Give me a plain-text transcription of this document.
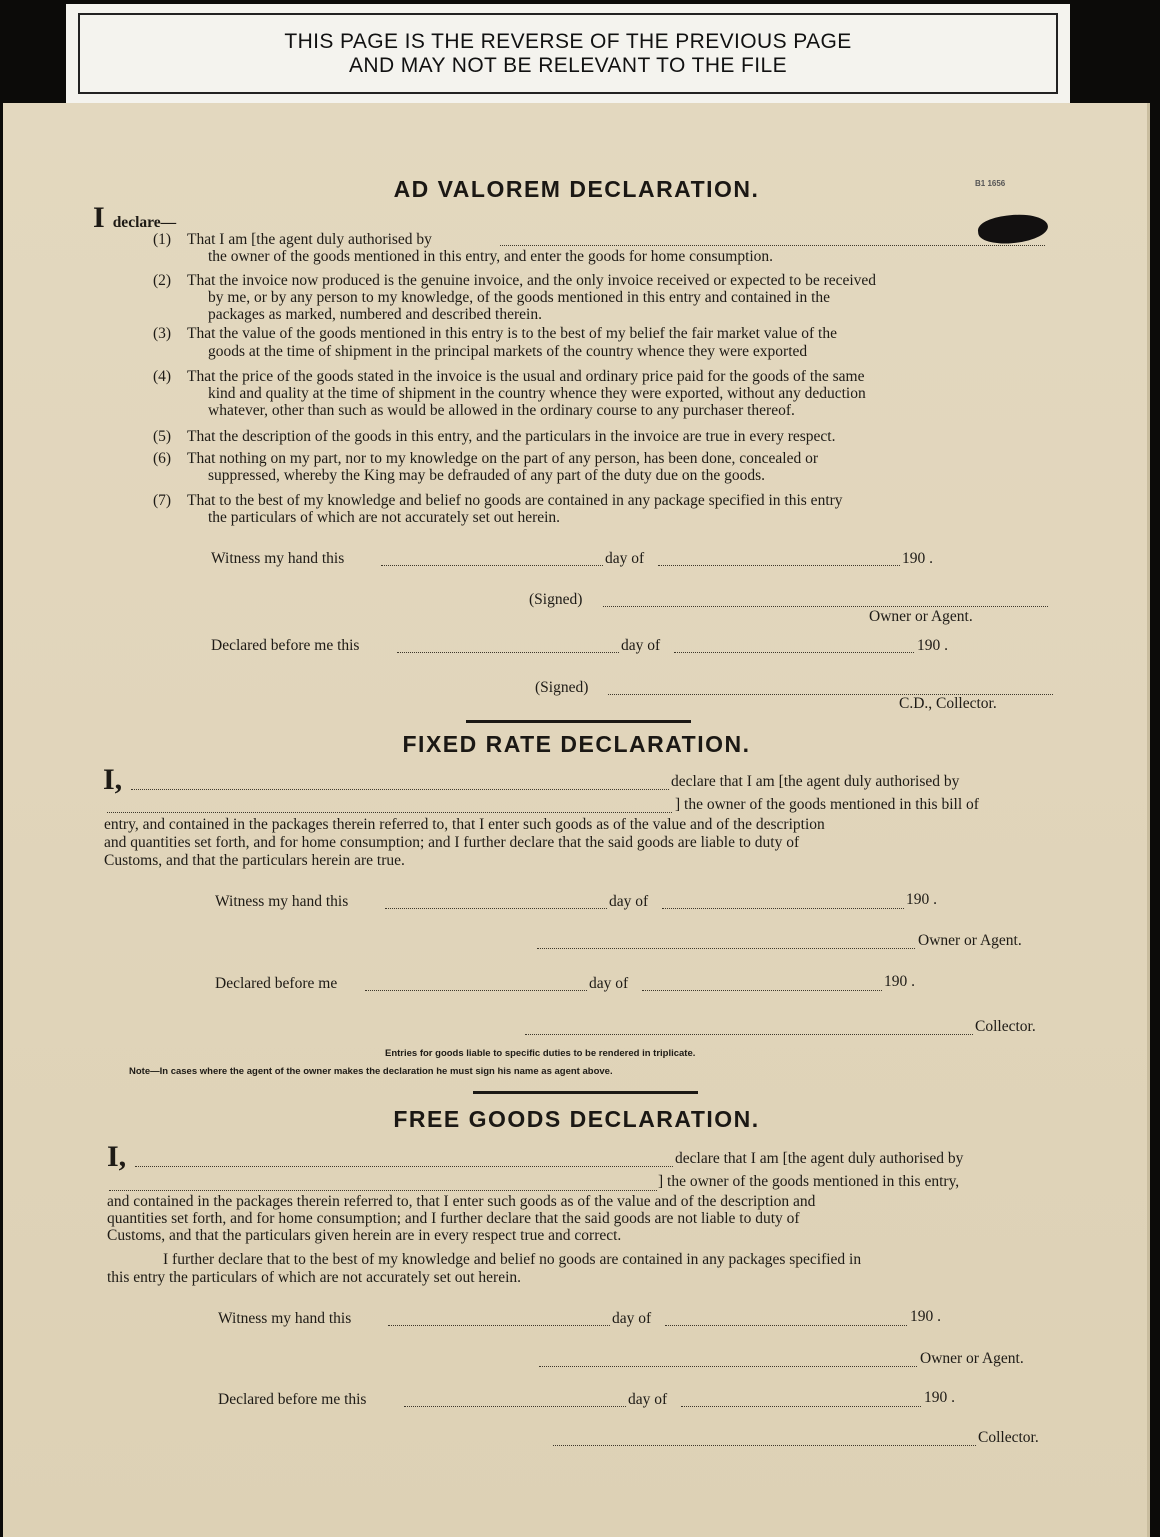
THIS PAGE IS THE REVERSE OF THE PREVIOUS PAGE
AND MAY NOT BE RELEVANT TO THE FILE
AD VALOREM DECLARATION.	B1 1656
I declare—
(1) That I am [the agent duly authorised by
the owner of the goods mentioned in this entry, and enter the goods for home consumption.
(2) That the invoice now produced is the genuine invoice, and the only invoice received or expected to be received
by me, or by any person to my knowledge, of the goods mentioned in this entry and contained in the
packages as marked, numbered and described therein.
(3) That the value of the goods mentioned in this entry is to the best of my belief the fair market value of the
goods at the time of shipment in the principal markets of the country whence they were exported
(4) That the price of the goods stated in the invoice is the usual and ordinary price paid for the goods of the same
kind and quality at the time of shipment in the country whence they were exported, without any deduction
whatever, other than such as would be allowed in the ordinary course to any purchaser thereof.
(5) That the description of the goods in this entry, and the particulars in the invoice are true in every respect.
(6) That nothing on my part, nor to my knowledge on the part of any person, has been done, concealed or
suppressed, whereby the King may be defrauded of any part of the duty due on the goods.
(7) That to the best of my knowledge and belief no goods are contained in any package specified in this entry
the particulars of which are not accurately set out herein.
Witness my hand this	day of	190 .
(Signed)
Owner or Agent.
Declared before me this	day of	190 .
(Signed)
C.D., Collector.
FIXED RATE DECLARATION.
I,	declare that I am [the agent duly authorised by
] the owner of the goods mentioned in this bill of
entry, and contained in the packages therein referred to, that I enter such goods as of the value and of the description
and quantities set forth, and for home consumption; and I further declare that the said goods are liable to duty of
Customs, and that the particulars herein are true.
Witness my hand this	day of	190 .
Owner or Agent.
Declared before me	day of	190 .
Collector.
Entries for goods liable to specific duties to be rendered in triplicate.
Note—In cases where the agent of the owner makes the declaration he must sign his name as agent above.
FREE GOODS DECLARATION.
I,	declare that I am [the agent duly authorised by
] the owner of the goods mentioned in this entry,
and contained in the packages therein referred to, that I enter such goods as of the value and of the description and
quantities set forth, and for home consumption; and I further declare that the said goods are not liable to duty of
Customs, and that the particulars given herein are in every respect true and correct.
I further declare that to the best of my knowledge and belief no goods are contained in any packages specified in
this entry the particulars of which are not accurately set out herein.
Witness my hand this	day of	190 .
Owner or Agent.
Declared before me this	day of	190 .
Collector.
